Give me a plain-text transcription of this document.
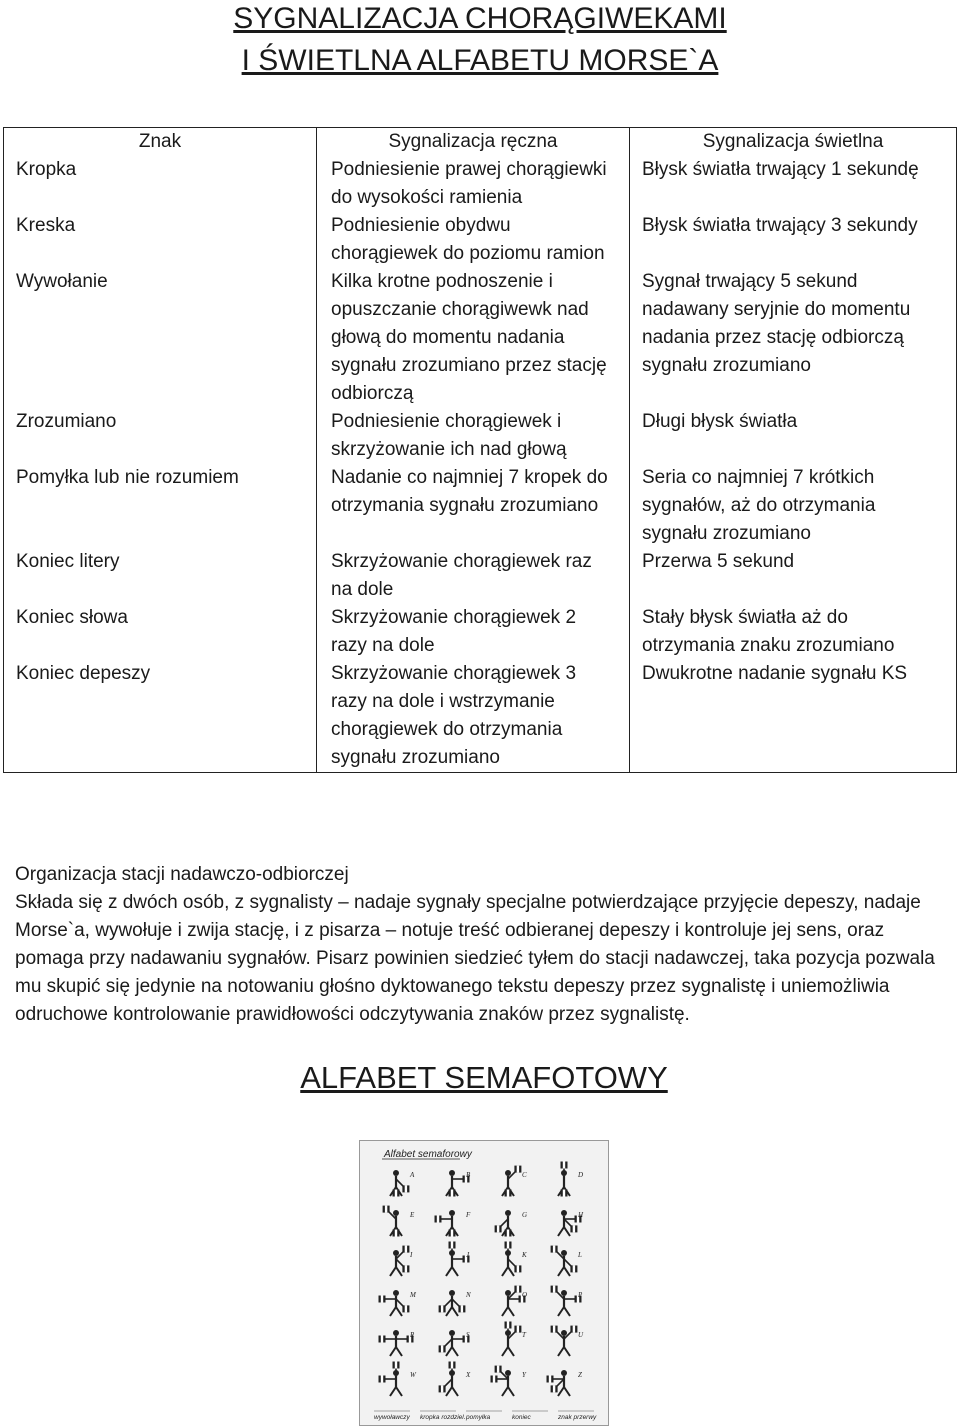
SYGNALIZACJA CHORĄGIWEKAMI
I ŚWIETLNA ALFABETU MORSE`A
Znak	Sygnalizacja ręczna	Sygnalizacja świetlna

Kropka	Podniesienie prawej chorągiewki do wysokości ramienia	Błysk światła trwający 1 sekundę

Kreska	Podniesienie obydwu chorągiewek do poziomu ramion	Błysk światła trwający 3 sekundy

Wywołanie	Kilka krotne podnoszenie i opuszczanie chorągiwewk nad głową do momentu nadania sygnału zrozumiano przez stację odbiorczą	Sygnał trwający 5 sekund nadawany seryjnie do momentu nadania przez stację odbiorczą sygnału zrozumiano

Zrozumiano	Podniesienie chorągiewek i skrzyżowanie ich nad głową	Długi błysk światła

Pomyłka lub nie rozumiem	Nadanie co najmniej 7 kropek do otrzymania sygnału zrozumiano	Seria co najmniej 7 krótkich sygnałów, aż do otrzymania sygnału zrozumiano

Koniec litery	Skrzyżowanie chorągiewek raz na dole	Przerwa 5 sekund

Koniec słowa	Skrzyżowanie chorągiewek 2 razy na dole	Stały błysk światła aż do otrzymania znaku zrozumiano

Koniec depeszy	Skrzyżowanie chorągiewek 3 razy na dole i wstrzymanie chorągiewek do otrzymania sygnału zrozumiano	Dwukrotne nadanie sygnału KS

Organizacja stacji nadawczo-odbiorczej

Składa się z dwóch osób, z sygnalisty – nadaje sygnały specjalne potwierdzające przyjęcie depeszy, nadaje Morse`a, wywołuje i zwija stację, i z pisarza – notuje treść odbieranej depeszy i kontroluje jej sens, oraz pomaga przy nadawaniu sygnałów. Pisarz powinien siedzieć tyłem do stacji nadawczej, taka pozycja pozwala mu skupić się jedynie na notowaniu głośno dyktowanego tekstu depeszy przez sygnalistę i uniemożliwia odruchowe kontrolowanie prawidłowości odczytywania znaków przez sygnalistę.

ALFABET SEMAFOTOWY
Alfabet semaforowy
A	B	C	D
E	F	G	H
I	J	K	L
M	N	O	P
R	S	T	U
W	X	Y	Z
wywoławczy kropka rozdziel. pomyłka	koniec	znak przerwy
